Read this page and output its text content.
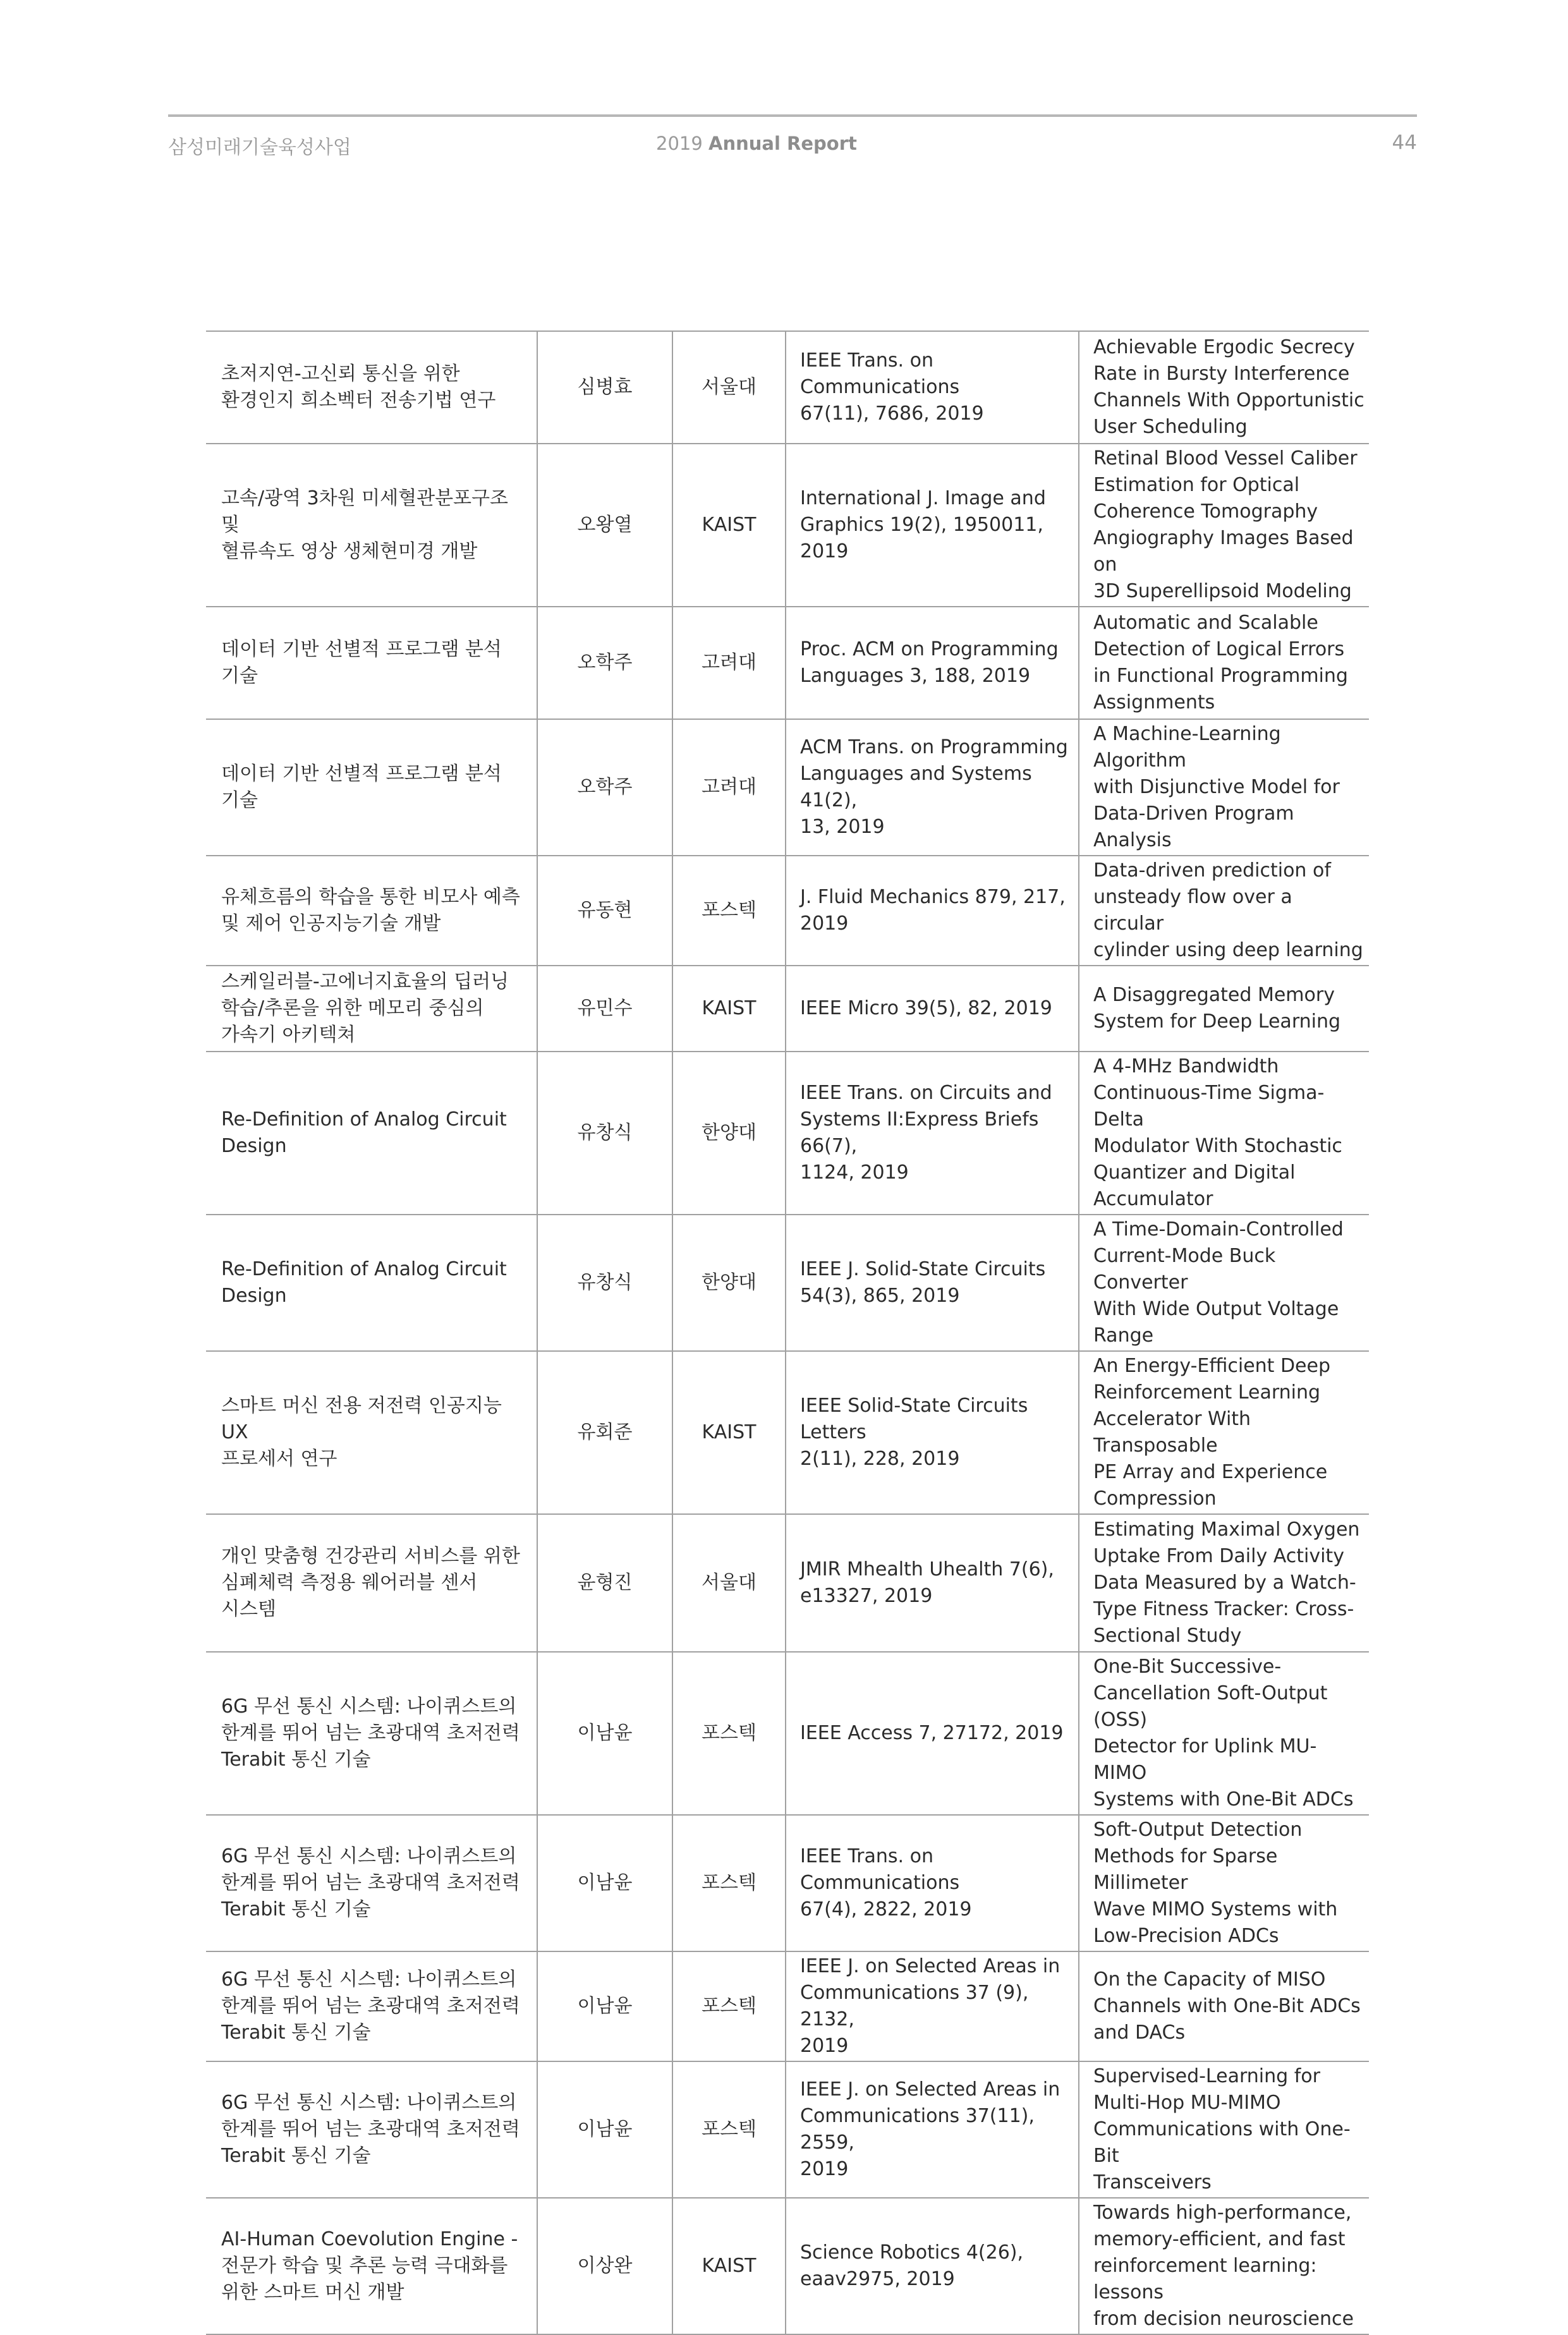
삼성미래기술육성사업	2019 Annual Report	44
초저지연-고신뢰 통신을 위한
환경인지 희소벡터 전송기법 연구	심병효	서울대	IEEE Trans. on Communications
67(11), 7686, 2019	Achievable Ergodic Secrecy
Rate in Bursty Interference
Channels With Opportunistic
User Scheduling

고속/광역 3차원 미세혈관분포구조 및
혈류속도 영상 생체현미경 개발	오왕열	KAIST	International J. Image and
Graphics 19(2), 1950011, 2019	Retinal Blood Vessel Caliber
Estimation for Optical
Coherence Tomography
Angiography Images Based on
3D Superellipsoid Modeling

데이터 기반 선별적 프로그램 분석
기술	오학주	고려대	Proc. ACM on Programming
Languages 3, 188, 2019	Automatic and Scalable
Detection of Logical Errors
in Functional Programming
Assignments

데이터 기반 선별적 프로그램 분석
기술	오학주	고려대	ACM Trans. on Programming
Languages and Systems 41(2),
13, 2019	A Machine-Learning Algorithm
with Disjunctive Model for
Data-Driven Program Analysis

유체흐름의 학습을 통한 비모사 예측
및 제어 인공지능기술 개발	유동현	포스텍	J. Fluid Mechanics 879, 217,
2019	Data-driven prediction of
unsteady flow over a circular
cylinder using deep learning

스케일러블-고에너지효율의 딥러닝
학습/추론을 위한 메모리 중심의
가속기 아키텍쳐	유민수	KAIST	IEEE Micro 39(5), 82, 2019	A Disaggregated Memory
System for Deep Learning

Re-Definition of Analog Circuit
Design	유창식	한양대	IEEE Trans. on Circuits and
Systems II:Express Briefs 66(7),
1124, 2019	A 4-MHz Bandwidth
Continuous-Time Sigma-Delta
Modulator With Stochastic
Quantizer and Digital
Accumulator

Re-Definition of Analog Circuit
Design	유창식	한양대	IEEE J. Solid-State Circuits
54(3), 865, 2019	A Time-Domain-Controlled
Current-Mode Buck Converter
With Wide Output Voltage
Range

스마트 머신 전용 저전력 인공지능 UX
프로세서 연구	유회준	KAIST	IEEE Solid-State Circuits Letters
2(11), 228, 2019	An Energy-Efficient Deep
Reinforcement Learning
Accelerator With Transposable
PE Array and Experience
Compression

개인 맞춤형 건강관리 서비스를 위한
심폐체력 측정용 웨어러블 센서
시스템	윤형진	서울대	JMIR Mhealth Uhealth 7(6),
e13327, 2019	Estimating Maximal Oxygen
Uptake From Daily Activity
Data Measured by a Watch-
Type Fitness Tracker: Cross-
Sectional Study

6G 무선 통신 시스템: 나이퀴스트의
한계를 뛰어 넘는 초광대역 초저전력
Terabit 통신 기술	이남윤	포스텍	IEEE Access 7, 27172, 2019	One-Bit Successive-
Cancellation Soft-Output (OSS)
Detector for Uplink MU-MIMO
Systems with One-Bit ADCs

6G 무선 통신 시스템: 나이퀴스트의
한계를 뛰어 넘는 초광대역 초저전력
Terabit 통신 기술	이남윤	포스텍	IEEE Trans. on Communications
67(4), 2822, 2019	Soft-Output Detection
Methods for Sparse Millimeter
Wave MIMO Systems with
Low-Precision ADCs

6G 무선 통신 시스템: 나이퀴스트의
한계를 뛰어 넘는 초광대역 초저전력
Terabit 통신 기술	이남윤	포스텍	IEEE J. on Selected Areas in
Communications 37 (9), 2132,
2019	On the Capacity of MISO
Channels with One-Bit ADCs
and DACs

6G 무선 통신 시스템: 나이퀴스트의
한계를 뛰어 넘는 초광대역 초저전력
Terabit 통신 기술	이남윤	포스텍	IEEE J. on Selected Areas in
Communications 37(11), 2559,
2019	Supervised-Learning for
Multi-Hop MU-MIMO
Communications with One-Bit
Transceivers

AI-Human Coevolution Engine -
전문가 학습 및 추론 능력 극대화를
위한 스마트 머신 개발	이상완	KAIST	Science Robotics 4(26),
eaav2975, 2019	Towards high-performance,
memory-efficient, and fast
reinforcement learning: lessons
from decision neuroscience
